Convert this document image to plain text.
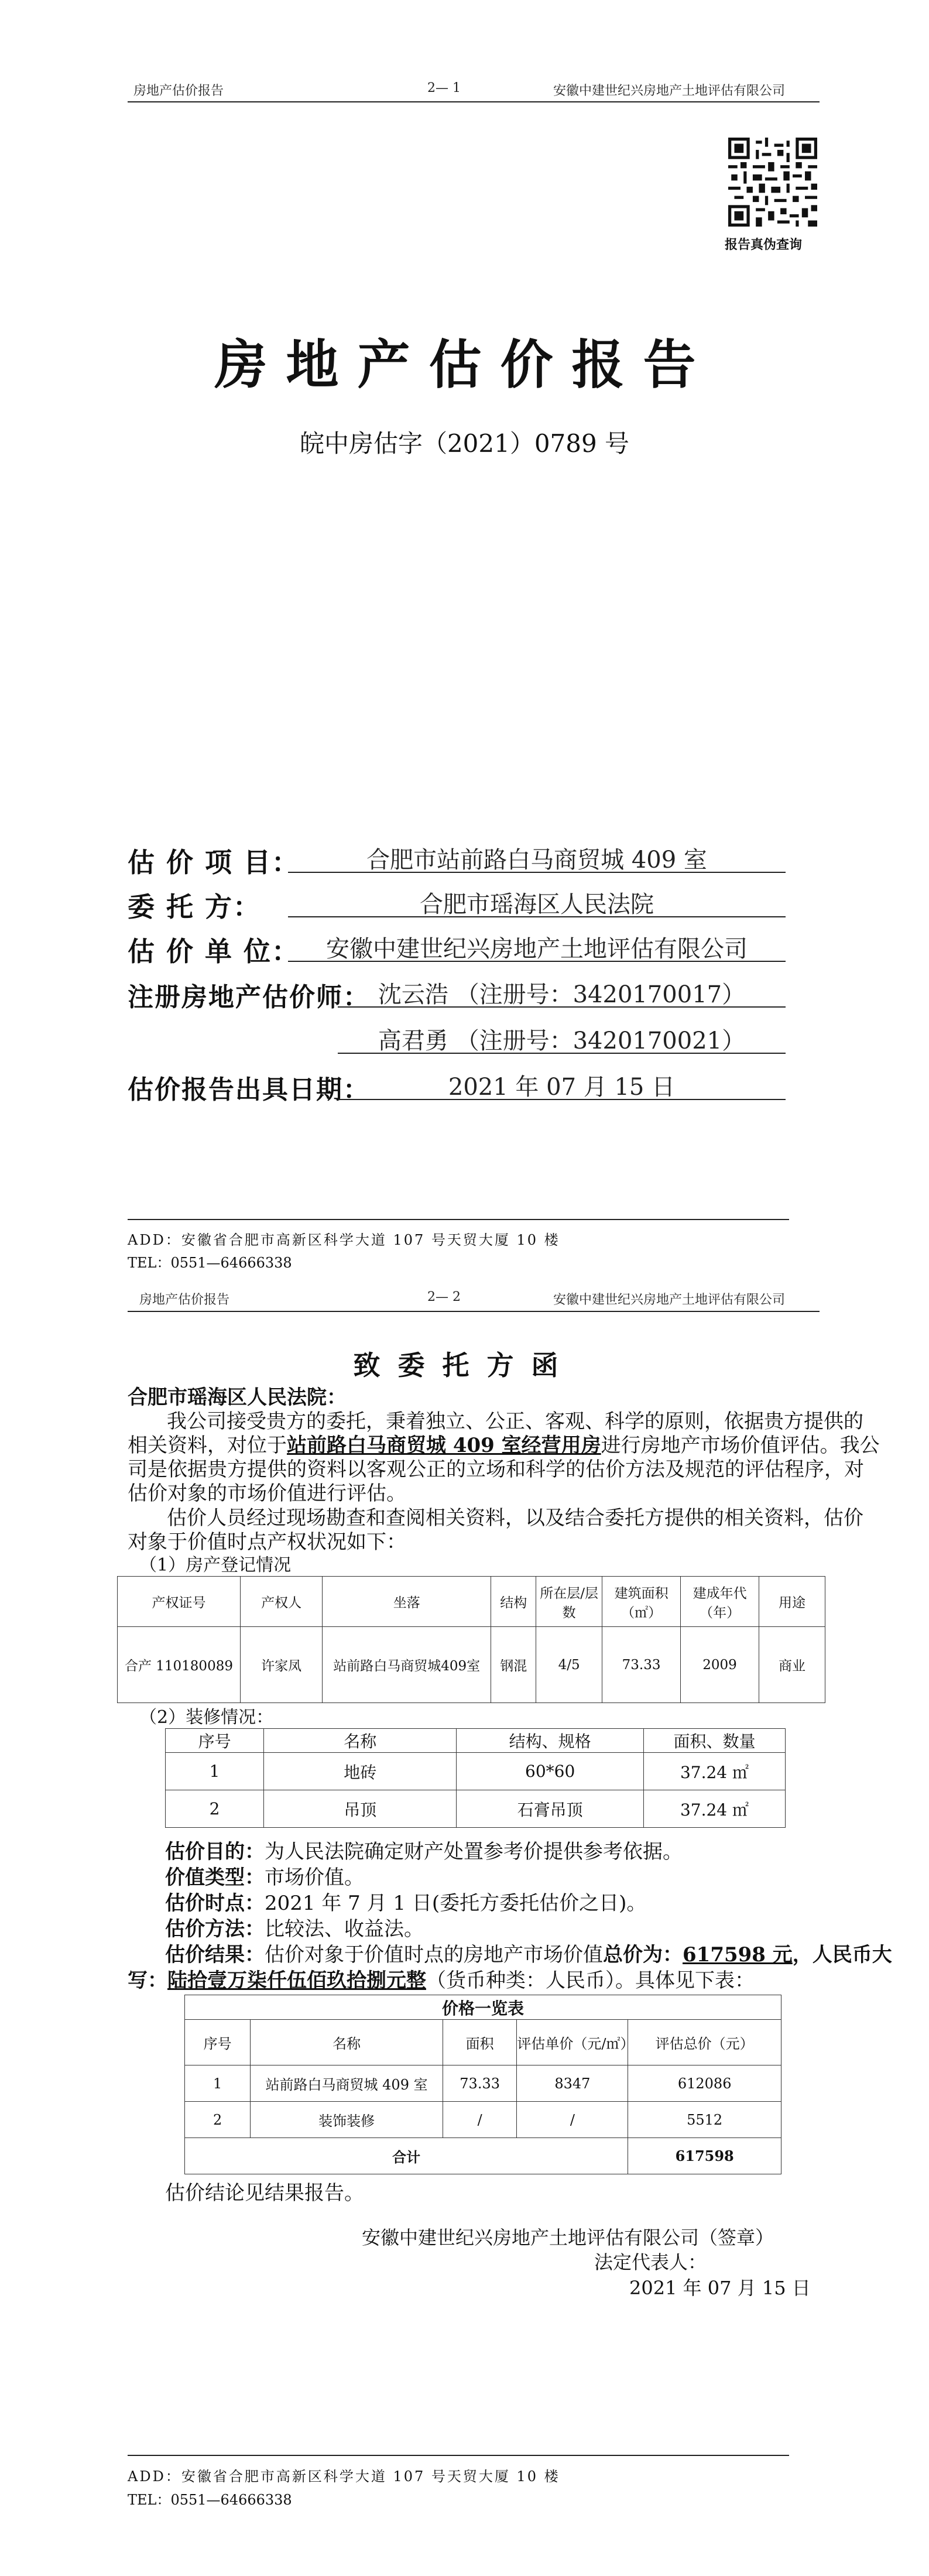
房地产估价报告	2— 1	安徽中建世纪兴房地产土地评估有限公司
报告真伪查询
房地产估价报告
皖中房估字（2021）0789 号
估 价 项 目：	合肥市站前路白马商贸城 409 室
委 托 方：	合肥市瑶海区人民法院
估 价 单 位：	安徽中建世纪兴房地产土地评估有限公司
注册房地产估价师： 沈云浩 （注册号：3420170017）
高君勇 （注册号：3420170021）
估价报告出具日期：	2021 年 07 月 15 日
ADD：安徽省合肥市高新区科学大道 107 号天贸大厦 10 楼
TEL：0551—64666338
房地产估价报告	2— 2	安徽中建世纪兴房地产土地评估有限公司
致委托方函
合肥市瑶海区人民法院：
我公司接受贵方的委托，秉着独立、公正、客观、科学的原则，依据贵方提供的
相关资料，对位于站前路白马商贸城 409 室经营用房进行房地产市场价值评估。我公
司是依据贵方提供的资料以客观公正的立场和科学的估价方法及规范的评估程序，对
估价对象的市场价值进行评估。
估价人员经过现场勘查和查阅相关资料，以及结合委托方提供的相关资料，估价
对象于价值时点产权状况如下：
（1）房产登记情况
产权证号	产权人	坐落	结构	所在层/层数	建筑面积（㎡）	建成年代（年）	用途
合产 110180089	许家凤	站前路白马商贸城409室	钢混	4/5	73.33	2009	商业
（2）装修情况：
序号	名称	结构、规格	面积、数量
1	地砖	60*60	37.24 ㎡
2	吊顶	石膏吊顶	37.24 ㎡
估价目的：为人民法院确定财产处置参考价提供参考依据。
价值类型：市场价值。
估价时点：2021 年 7 月 1 日(委托方委托估价之日)。
估价方法：比较法、收益法。
估价结果：估价对象于价值时点的房地产市场价值总价为：617598 元，人民币大
写：陆拾壹万柒仟伍佰玖拾捌元整（货币种类：人民币）。具体见下表：
价格一览表				
序号	名称	面积	评估单价（元/㎡）	评估总价（元）
1	站前路白马商贸城 409 室	73.33	8347	612086
2	装饰装修	/	/	5512
合计				617598
估价结论见结果报告。
安徽中建世纪兴房地产土地评估有限公司（签章）
法定代表人：
2021 年 07 月 15 日
ADD：安徽省合肥市高新区科学大道 107 号天贸大厦 10 楼
TEL：0551—64666338
